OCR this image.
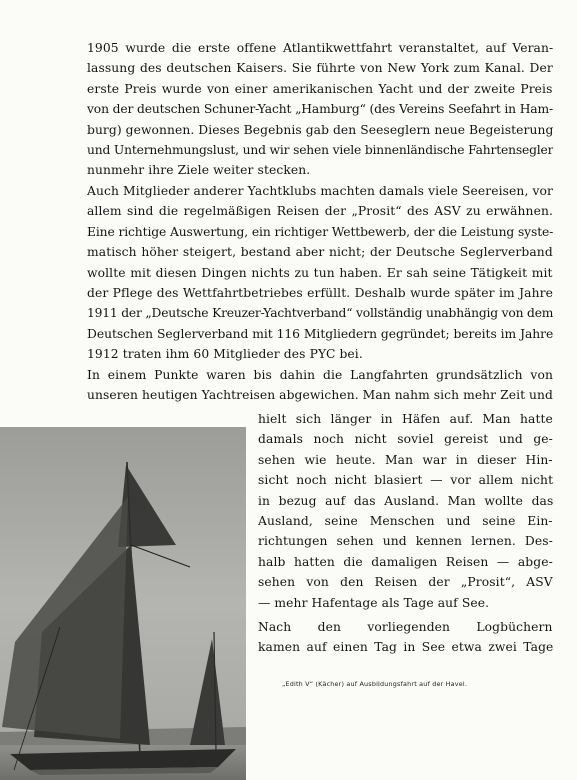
1905 wurde die erste offene Atlantikwettfahrt veranstaltet, auf Veran-
lassung des deutschen Kaisers. Sie führte von New York zum Kanal. Der
erste Preis wurde von einer amerikanischen Yacht und der zweite Preis
von der deutschen Schuner-Yacht „Hamburg“ (des Vereins Seefahrt in Ham-
burg) gewonnen. Dieses Begebnis gab den Seeseglern neue Begeisterung
und Unternehmungslust, und wir sehen viele binnenländische Fahrtensegler
nunmehr ihre Ziele weiter stecken.

Auch Mitglieder anderer Yachtklubs machten damals viele Seereisen, vor
allem sind die regelmäßigen Reisen der „Prosit“ des ASV zu erwähnen.
Eine richtige Auswertung, ein richtiger Wettbewerb, der die Leistung syste-
matisch höher steigert, bestand aber nicht; der Deutsche Seglerverband
wollte mit diesen Dingen nichts zu tun haben. Er sah seine Tätigkeit mit
der Pflege des Wettfahrtbetriebes erfüllt. Deshalb wurde später im Jahre
1911 der „Deutsche Kreuzer-Yachtverband“ vollständig unabhängig von dem
Deutschen Seglerverband mit 116 Mitgliedern gegründet; bereits im Jahre
1912 traten ihm 60 Mitglieder des PYC bei.

In einem Punkte waren bis dahin die Langfahrten grundsätzlich von
unseren heutigen Yachtreisen abgewichen. Man nahm sich mehr Zeit und

hielt sich länger in Häfen auf. Man hatte
damals noch nicht soviel gereist und ge-
sehen wie heute. Man war in dieser Hin-
sicht noch nicht blasiert — vor allem nicht
in bezug auf das Ausland. Man wollte das
Ausland, seine Menschen und seine Ein-
richtungen sehen und kennen lernen. Des-
halb hatten die damaligen Reisen — abge-
sehen von den Reisen der „Prosit“, ASV
— mehr Hafentage als Tage auf See.

Nach den vorliegenden Logbüchern
kamen auf einen Tag in See etwa zwei Tage

„Edith V“ (Kächer) auf Ausbildungsfahrt auf der Havel.
